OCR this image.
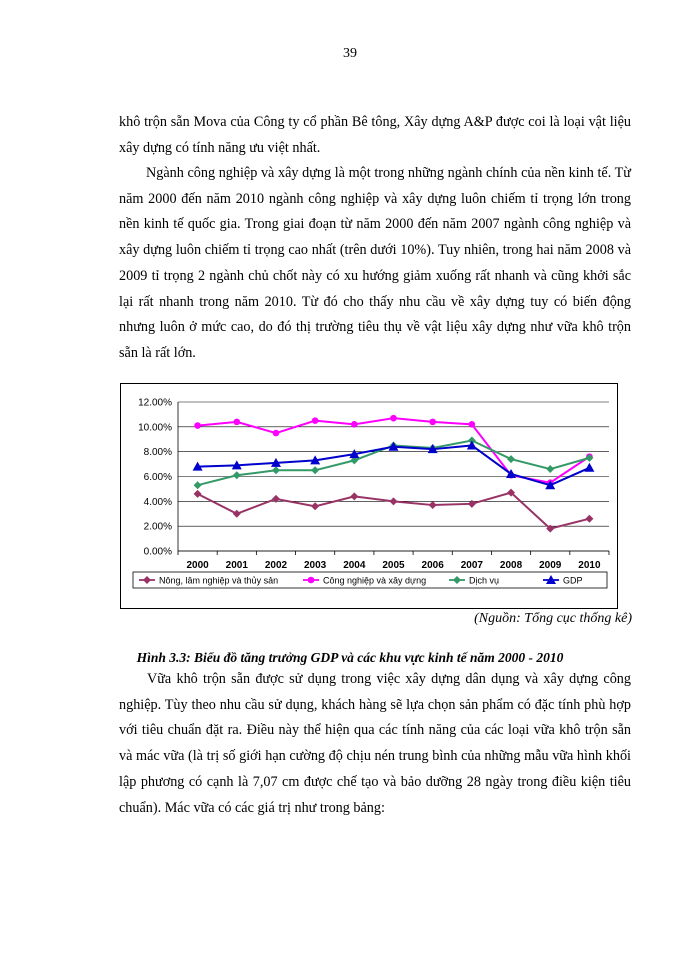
39

khô trộn sẵn Mova của Công ty cổ phần Bê tông, Xây dựng A&P được coi là loại vật liệu xây dựng có tính năng ưu việt nhất.

Ngành công nghiệp và xây dựng là một trong những ngành chính của nền kinh tế. Từ năm 2000 đến năm 2010 ngành công nghiệp và xây dựng luôn chiếm tỉ trọng lớn trong nền kinh tế quốc gia. Trong giai đoạn từ năm 2000 đến năm 2007 ngành công nghiệp và xây dựng luôn chiếm tỉ trọng cao nhất (trên dưới 10%). Tuy nhiên, trong hai năm 2008 và 2009 tỉ trọng 2 ngành chủ chốt này có xu hướng giảm xuống rất nhanh và cũng khởi sắc lại rất nhanh trong năm 2010. Từ đó cho thấy nhu cầu về xây dựng tuy có biến động nhưng luôn ở mức cao, do đó thị trường tiêu thụ về vật liệu xây dựng như vữa khô trộn sẵn là rất lớn.

0.00%
2.00%
4.00%
6.00%
8.00%
10.00%
12.00%
2000 2001 2002 2003 2004 2005 2006 2007 2008 2009 2010
Nông, lâm nghiệp và thủy sản	Công nghiệp và xây dựng	Dịch vụ	GDP
(Nguồn: Tổng cục thống kê)
Hình 3.3: Biểu đồ tăng trưởng GDP và các khu vực kinh tế năm 2000 - 2010

Vữa khô trộn sẵn được sử dụng trong việc xây dựng dân dụng và xây dựng công nghiệp. Tùy theo nhu cầu sử dụng, khách hàng sẽ lựa chọn sản phẩm có đặc tính phù hợp với tiêu chuẩn đặt ra. Điều này thể hiện qua các tính năng của các loại vữa khô trộn sẵn và mác vữa (là trị số giới hạn cường độ chịu nén trung bình của những mẫu vữa hình khối lập phương có cạnh là 7,07 cm được chế tạo và bảo dưỡng 28 ngày trong điều kiện tiêu chuẩn). Mác vữa có các giá trị như trong bảng:
